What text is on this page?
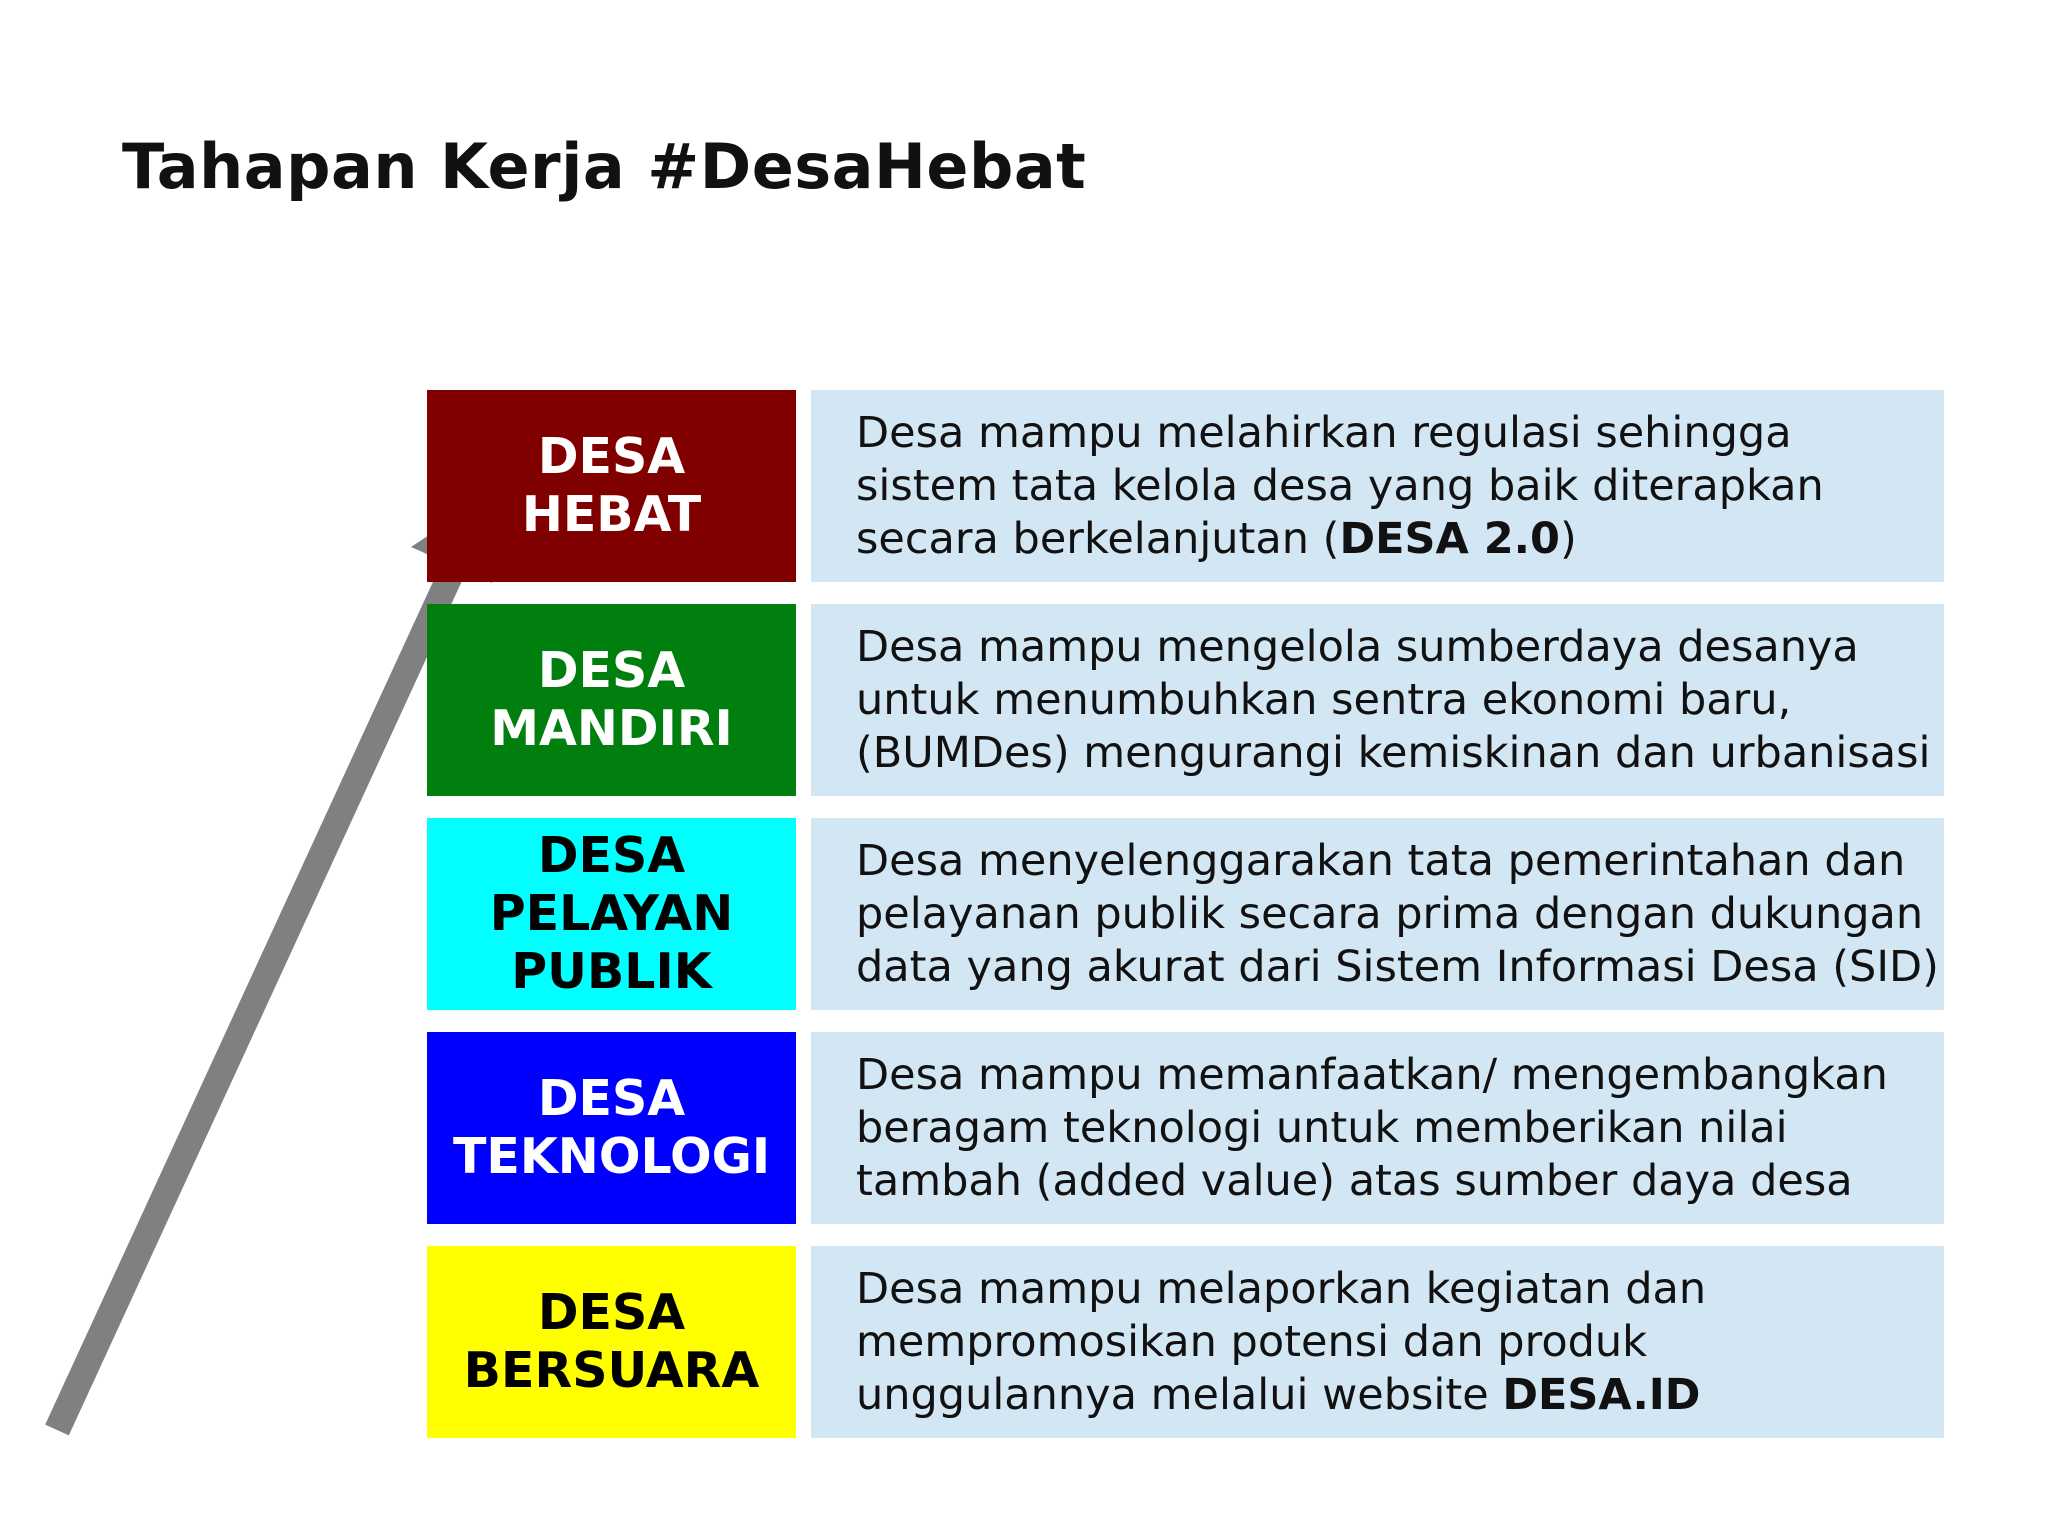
Tahapan Kerja #DesaHebat
DESA
HEBAT
Desa mampu melahirkan regulasi sehingga
sistem tata kelola desa yang baik diterapkan
secara berkelanjutan (DESA 2.0)
DESA
MANDIRI
Desa mampu mengelola sumberdaya desanya
untuk menumbuhkan sentra ekonomi baru,
(BUMDes) mengurangi kemiskinan dan urbanisasi
DESA PELAYAN
PUBLIK
Desa menyelenggarakan tata pemerintahan dan
pelayanan publik secara prima dengan dukungan
data yang akurat dari Sistem Informasi Desa (SID)
DESA
TEKNOLOGI
Desa mampu memanfaatkan/ mengembangkan
beragam teknologi untuk memberikan nilai
tambah (added value) atas sumber daya desa
DESA
BERSUARA
Desa mampu melaporkan kegiatan dan
mempromosikan potensi dan produk
unggulannya melalui website DESA.ID
